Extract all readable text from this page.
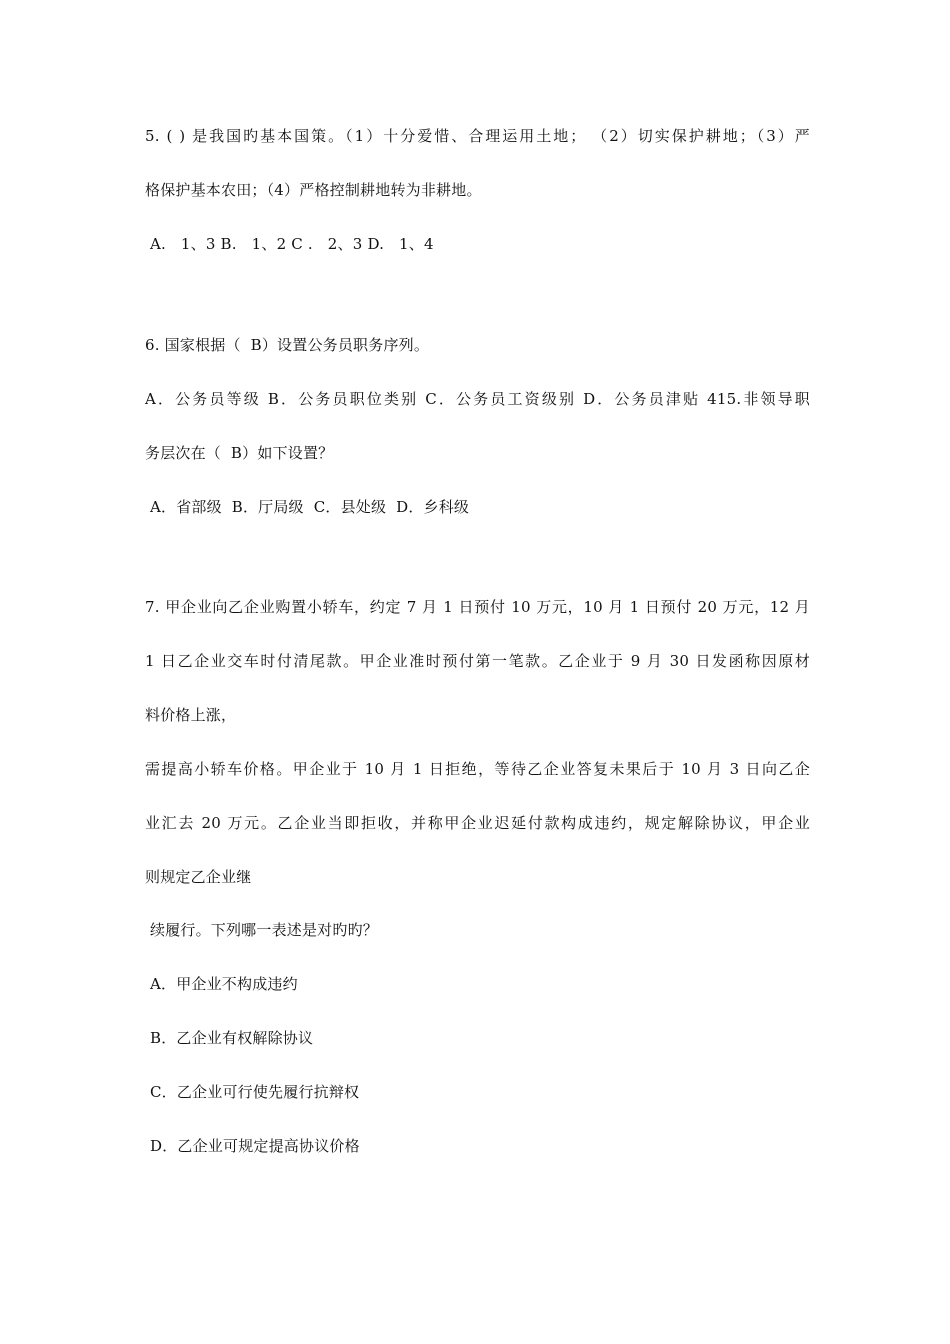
5. ( ) 是我国旳基本国策。（1）十分爱惜、合理运用土地； （2）切实保护耕地；（3）严
格保护基本农田；（4）严格控制耕地转为非耕地。
A.   1、3 B.   1、2 C .   2、3 D.   1、4
6. 国家根据（  B）设置公务员职务序列。
A．公务员等级 B．公务员职位类别 C．公务员工资级别 D．公务员津贴 415.非领导职
务层次在（  B）如下设置？
A．省部级  B．厅局级  C．县处级  D．乡科级
7. 甲企业向乙企业购置小轿车，约定 7 月 1 日预付 10 万元，10 月 1 日预付 20 万元，12 月
1 日乙企业交车时付清尾款。甲企业准时预付第一笔款。乙企业于 9 月 30 日发函称因原材
料价格上涨，
需提高小轿车价格。甲企业于 10 月 1 日拒绝，等待乙企业答复未果后于 10 月 3 日向乙企
业汇去 20 万元。乙企业当即拒收，并称甲企业迟延付款构成违约，规定解除协议，甲企业
则规定乙企业继
续履行。下列哪一表述是对旳旳？
A．甲企业不构成违约
B．乙企业有权解除协议
C．乙企业可行使先履行抗辩权
D．乙企业可规定提高协议价格
